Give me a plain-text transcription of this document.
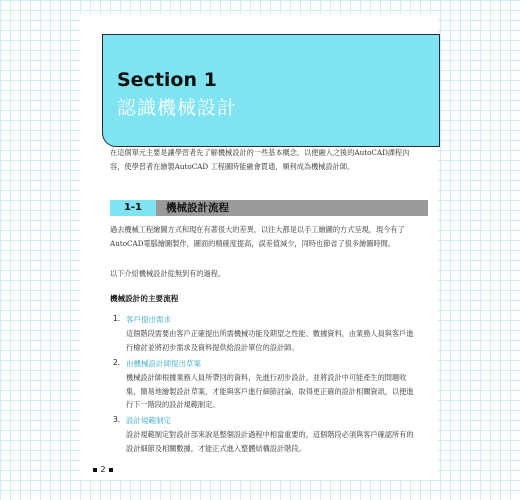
Section 1
認識機械設計
在這個單元主要是讓學習者先了解機械設計的一些基本概念，以便融入之後的AutoCAD課程內容，使學習者在繪製AutoCAD 工程圖時能融會貫通，順利成為機械設計師。
1-1	機械設計流程
過去機械工程繪圖方式和現在有著很大的差異，以往大都是以手工繪圖的方式呈現，現今有了AutoCAD電腦繪圖製作，圖面的精確度提高，誤差值減少，同時也節省了很多繪圖時間。
以下介紹機械設計從無到有的過程。
機械設計的主要流程
1. 客戶提出需求
這個階段需要由客戶正確提出所需機械功能及期望之性能、數據資料，由業務人員與客戶進行檢討並將初步需求及資料提供給設計單位的設計師。
2. 由機械設計師提出草案
機械設計師根據業務人員所帶回的資料，先進行初步設計，並將設計中可能產生的問題收集，簡易地繪製設計草案，才能與客戶進行細節討論，取得更正確的設計相關資訊，以便進行下一階段的設計規範制定。
3. 設計規範制定
設計規範制定對設計部來說是整個設計過程中相當重要的，這個階段必須與客戶確認所有的設計細節及相關數據，才能正式進入整體結構設計階段。
2
